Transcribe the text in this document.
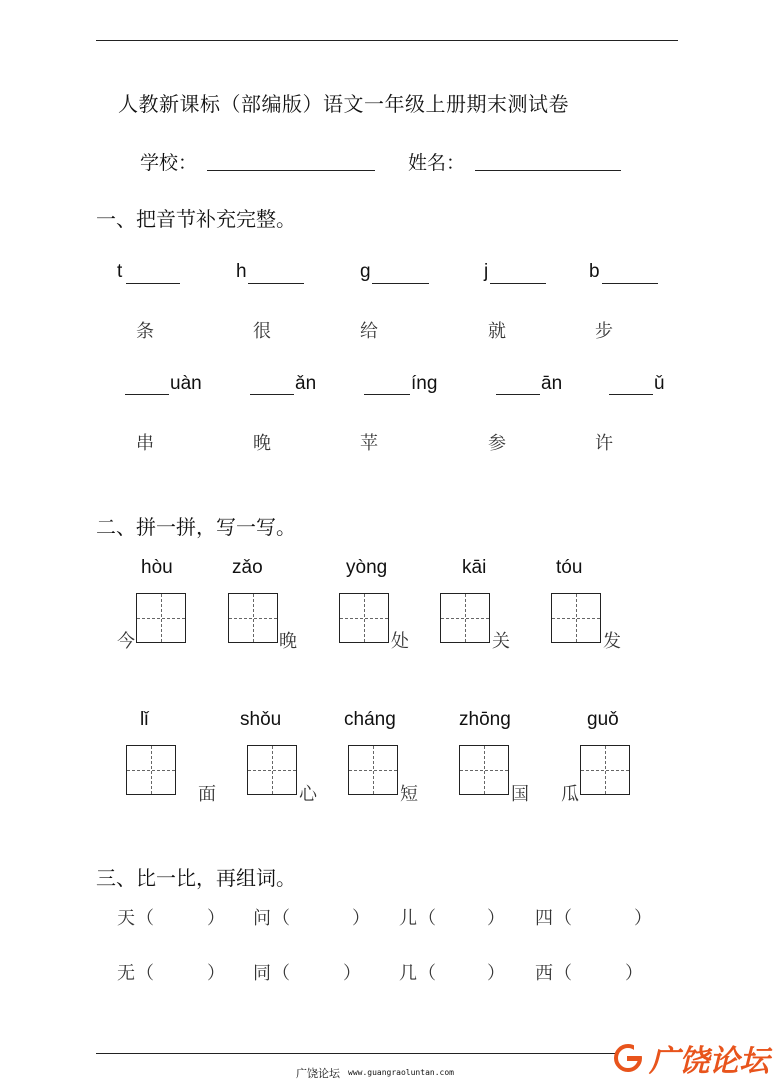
人教新课标（部编版）语文一年级上册期末测试卷
学校：	姓名：
一、把音节补充完整。
t	h	g	j	b
条	很	给	就	步
uàn	ǎn	íng	ān	ǔ
串	晚	苹	参	许
二、拼一拼，写一写。
hòu	zǎo	yòng	kāi	tóu
今	晚	处	关	发
lǐ	shǒu	cháng	zhōng	guǒ
面	心	短	国 瓜
三、比一比，再组词。
天 （	） 问 （	） 儿 （	） 四 （	）
无 （	） 同 （	） 几 （	） 西 （	）
广饶论坛 www.guangraoluntan.com	广饶论坛
